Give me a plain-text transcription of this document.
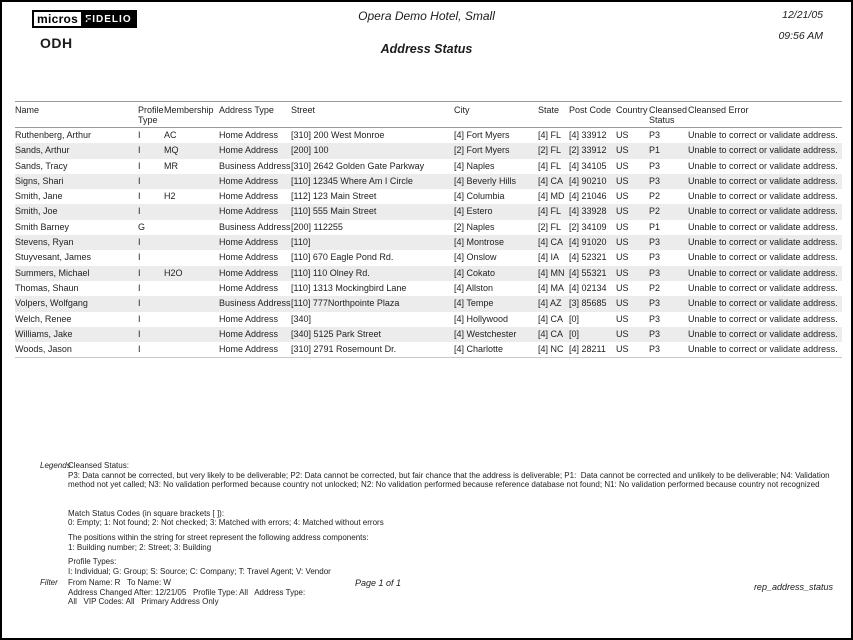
micros FIDELIO
ODH
Opera Demo Hotel, Small
Address Status
12/21/05
09:56 AM
Name	Profile Type	Membership	Address Type	Street	City	State	Post Code	Country	Cleansed Status	Cleansed Error
Ruthenberg, Arthur	I	AC	Home Address	[310] 200 West Monroe	[4] Fort Myers	[4] FL	[4] 33912	US	P3	Unable to correct or validate address.
Sands, Arthur	I	MQ	Home Address	[200] 100	[2] Fort Myers	[2] FL	[2] 33912	US	P1	Unable to correct or validate address.
Sands, Tracy	I	MR	Business Address	[310] 2642 Golden Gate Parkway	[4] Naples	[4] FL	[4] 34105	US	P3	Unable to correct or validate address.
Signs, Shari	I		Home Address	[110] 12345 Where Am I Circle	[4] Beverly Hills	[4] CA	[4] 90210	US	P3	Unable to correct or validate address.
Smith, Jane	I	H2	Home Address	[112] 123 Main Street	[4] Columbia	[4] MD	[4] 21046	US	P2	Unable to correct or validate address.
Smith, Joe	I		Home Address	[110] 555 Main Street	[4] Estero	[4] FL	[4] 33928	US	P2	Unable to correct or validate address.
Smith Barney	G		Business Address	[200] 112255	[2] Naples	[2] FL	[2] 34109	US	P1	Unable to correct or validate address.
Stevens, Ryan	I		Home Address	[110]	[4] Montrose	[4] CA	[4] 91020	US	P3	Unable to correct or validate address.
Stuyvesant, James	I		Home Address	[110] 670 Eagle Pond Rd.	[4] Onslow	[4] IA	[4] 52321	US	P3	Unable to correct or validate address.
Summers, Michael	I	H2O	Home Address	[110] 110 Olney Rd.	[4] Cokato	[4] MN	[4] 55321	US	P3	Unable to correct or validate address.
Thomas, Shaun	I		Home Address	[110] 1313 Mockingbird Lane	[4] Allston	[4] MA	[4] 02134	US	P2	Unable to correct or validate address.
Volpers, Wolfgang	I		Business Address	[110] 777Northpointe Plaza	[4] Tempe	[4] AZ	[3] 85685	US	P3	Unable to correct or validate address.
Welch, Renee	I		Home Address	[340]	[4] Hollywood	[4] CA	[0]	US	P3	Unable to correct or validate address.
Williams, Jake	I		Home Address	[340] 5125 Park Street	[4] Westchester	[4] CA	[0]	US	P3	Unable to correct or validate address.
Woods, Jason	I		Home Address	[310] 2791 Rosemount Dr.	[4] Charlotte	[4] NC	[4] 28211	US	P3	Unable to correct or validate address.
Legends
Cleansed Status:
P3: Data cannot be corrected, but very likely to be deliverable; P2: Data cannot be corrected, but fair chance that the address is deliverable; P1:  Data cannot be corrected and unlikely to be deliverable; N4: Validation method not yet called; N3: No validation performed because country not unlocked; N2: No validation performed because reference database not found; N1: No validation performed because country not recognized
Match Status Codes (in square brackets [ ]):
0: Empty; 1: Not found; 2: Not checked; 3: Matched with errors; 4: Matched without errors
The positions within the string for street represent the following address components:
1: Building number; 2: Street; 3: Building
Profile Types:
I: Individual; G: Group; S: Source; C: Company; T: Travel Agent; V: Vendor
Filter From Name: R   To Name: W
Address Changed After: 12/21/05   Profile Type: All   Address Type:
All   VIP Codes: All   Primary Address Only
Page 1 of 1	rep_address_status
